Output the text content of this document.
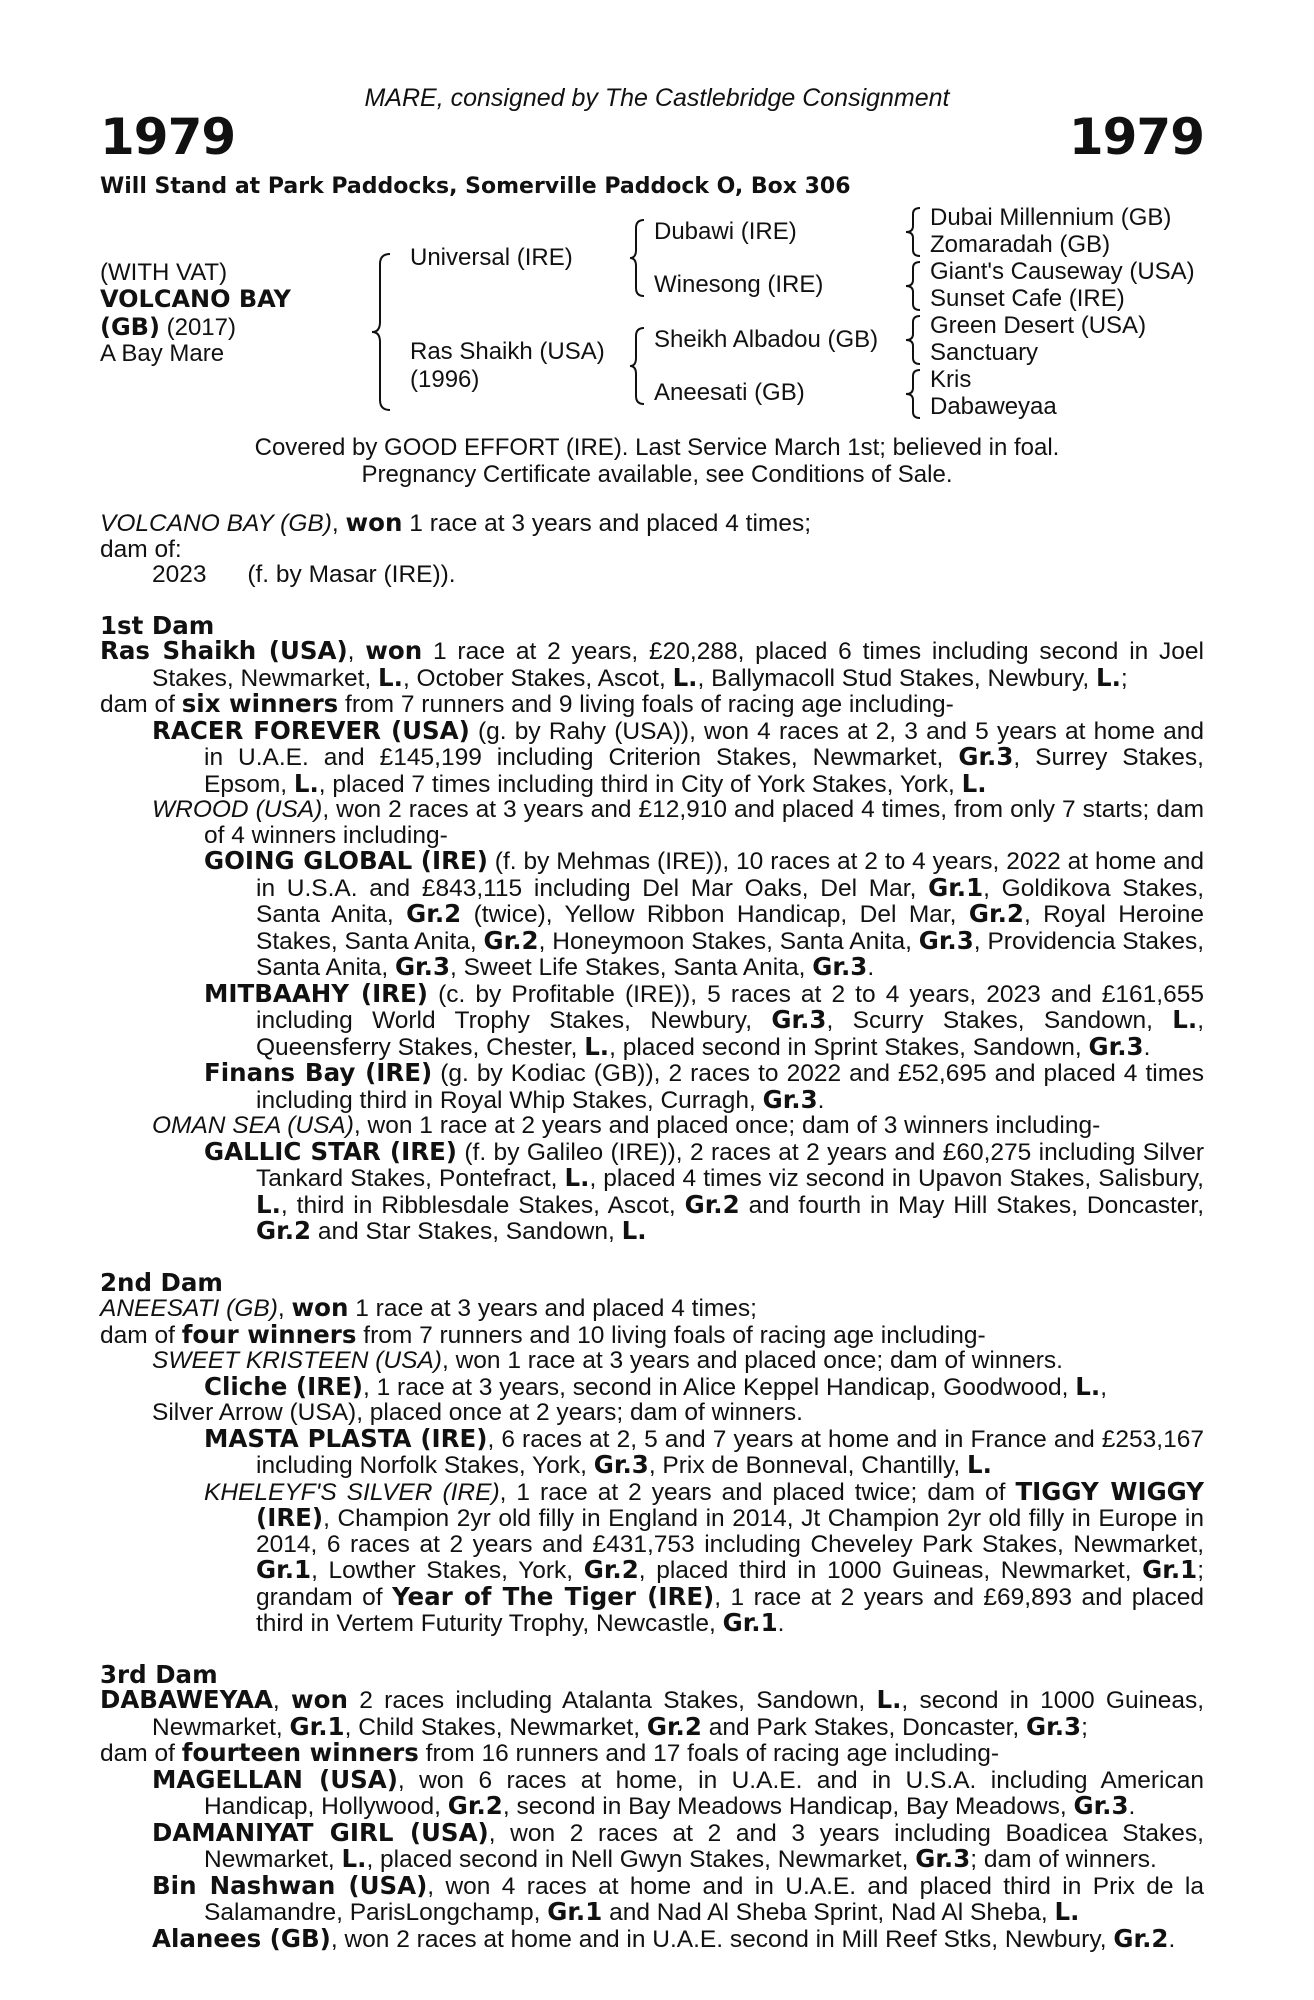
MARE, consigned by The Castlebridge Consignment
1979	1979
Will Stand at Park Paddocks, Somerville Paddock O, Box 306
(WITH VAT)
VOLCANO BAY
(GB) (2017)
A Bay Mare
Universal (IRE)
Ras Shaikh (USA)
(1996)
Dubawi (IRE)
Winesong (IRE)
Sheikh Albadou (GB)
Aneesati (GB)
Dubai Millennium (GB)
Zomaradah (GB)
Giant's Causeway (USA)
Sunset Cafe (IRE)
Green Desert (USA)
Sanctuary
Kris
Dabaweyaa
Covered by GOOD EFFORT (IRE). Last Service March 1st; believed in foal.
Pregnancy Certificate available, see Conditions of Sale.

VOLCANO BAY (GB), won 1 race at 3 years and placed 4 times;

dam of:

2023      (f. by Masar (IRE)).

1st Dam

Ras Shaikh (USA), won 1 race at 2 years, £20,288, placed 6 times including second in Joel Stakes, Newmarket, L., October Stakes, Ascot, L., Ballymacoll Stud Stakes, Newbury, L.;

dam of six winners from 7 runners and 9 living foals of racing age including-

RACER FOREVER (USA) (g. by Rahy (USA)), won 4 races at 2, 3 and 5 years at home and in U.A.E. and £145,199 including Criterion Stakes, Newmarket, Gr.3, Surrey Stakes, Epsom, L., placed 7 times including third in City of York Stakes, York, L.

WROOD (USA), won 2 races at 3 years and £12,910 and placed 4 times, from only 7 starts; dam of 4 winners including-

GOING GLOBAL (IRE) (f. by Mehmas (IRE)), 10 races at 2 to 4 years, 2022 at home and in U.S.A. and £843,115 including Del Mar Oaks, Del Mar, Gr.1, Goldikova Stakes, Santa Anita, Gr.2 (twice), Yellow Ribbon Handicap, Del Mar, Gr.2, Royal Heroine Stakes, Santa Anita, Gr.2, Honeymoon Stakes, Santa Anita, Gr.3, Providencia Stakes, Santa Anita, Gr.3, Sweet Life Stakes, Santa Anita, Gr.3.

MITBAAHY (IRE) (c. by Profitable (IRE)), 5 races at 2 to 4 years, 2023 and £161,655 including World Trophy Stakes, Newbury, Gr.3, Scurry Stakes, Sandown, L., Queensferry Stakes, Chester, L., placed second in Sprint Stakes, Sandown, Gr.3.

Finans Bay (IRE) (g. by Kodiac (GB)), 2 races to 2022 and £52,695 and placed 4 times including third in Royal Whip Stakes, Curragh, Gr.3.

OMAN SEA (USA), won 1 race at 2 years and placed once; dam of 3 winners including-

GALLIC STAR (IRE) (f. by Galileo (IRE)), 2 races at 2 years and £60,275 including Silver Tankard Stakes, Pontefract, L., placed 4 times viz second in Upavon Stakes, Salisbury, L., third in Ribblesdale Stakes, Ascot, Gr.2 and fourth in May Hill Stakes, Doncaster, Gr.2 and Star Stakes, Sandown, L.

2nd Dam

ANEESATI (GB), won 1 race at 3 years and placed 4 times;

dam of four winners from 7 runners and 10 living foals of racing age including-

SWEET KRISTEEN (USA), won 1 race at 3 years and placed once; dam of winners.

Cliche (IRE), 1 race at 3 years, second in Alice Keppel Handicap, Goodwood, L.,

Silver Arrow (USA), placed once at 2 years; dam of winners.

MASTA PLASTA (IRE), 6 races at 2, 5 and 7 years at home and in France and £253,167 including Norfolk Stakes, York, Gr.3, Prix de Bonneval, Chantilly, L.

KHELEYF'S SILVER (IRE), 1 race at 2 years and placed twice; dam of TIGGY WIGGY (IRE), Champion 2yr old filly in England in 2014, Jt Champion 2yr old filly in Europe in 2014, 6 races at 2 years and £431,753 including Cheveley Park Stakes, Newmarket, Gr.1, Lowther Stakes, York, Gr.2, placed third in 1000 Guineas, Newmarket, Gr.1; grandam of Year of The Tiger (IRE), 1 race at 2 years and £69,893 and placed third in Vertem Futurity Trophy, Newcastle, Gr.1.

3rd Dam

DABAWEYAA, won 2 races including Atalanta Stakes, Sandown, L., second in 1000 Guineas, Newmarket, Gr.1, Child Stakes, Newmarket, Gr.2 and Park Stakes, Doncaster, Gr.3;

dam of fourteen winners from 16 runners and 17 foals of racing age including-

MAGELLAN (USA), won 6 races at home, in U.A.E. and in U.S.A. including American Handicap, Hollywood, Gr.2, second in Bay Meadows Handicap, Bay Meadows, Gr.3.

DAMANIYAT GIRL (USA), won 2 races at 2 and 3 years including Boadicea Stakes, Newmarket, L., placed second in Nell Gwyn Stakes, Newmarket, Gr.3; dam of winners.

Bin Nashwan (USA), won 4 races at home and in U.A.E. and placed third in Prix de la Salamandre, ParisLongchamp, Gr.1 and Nad Al Sheba Sprint, Nad Al Sheba, L.

Alanees (GB), won 2 races at home and in U.A.E. second in Mill Reef Stks, Newbury, Gr.2.
